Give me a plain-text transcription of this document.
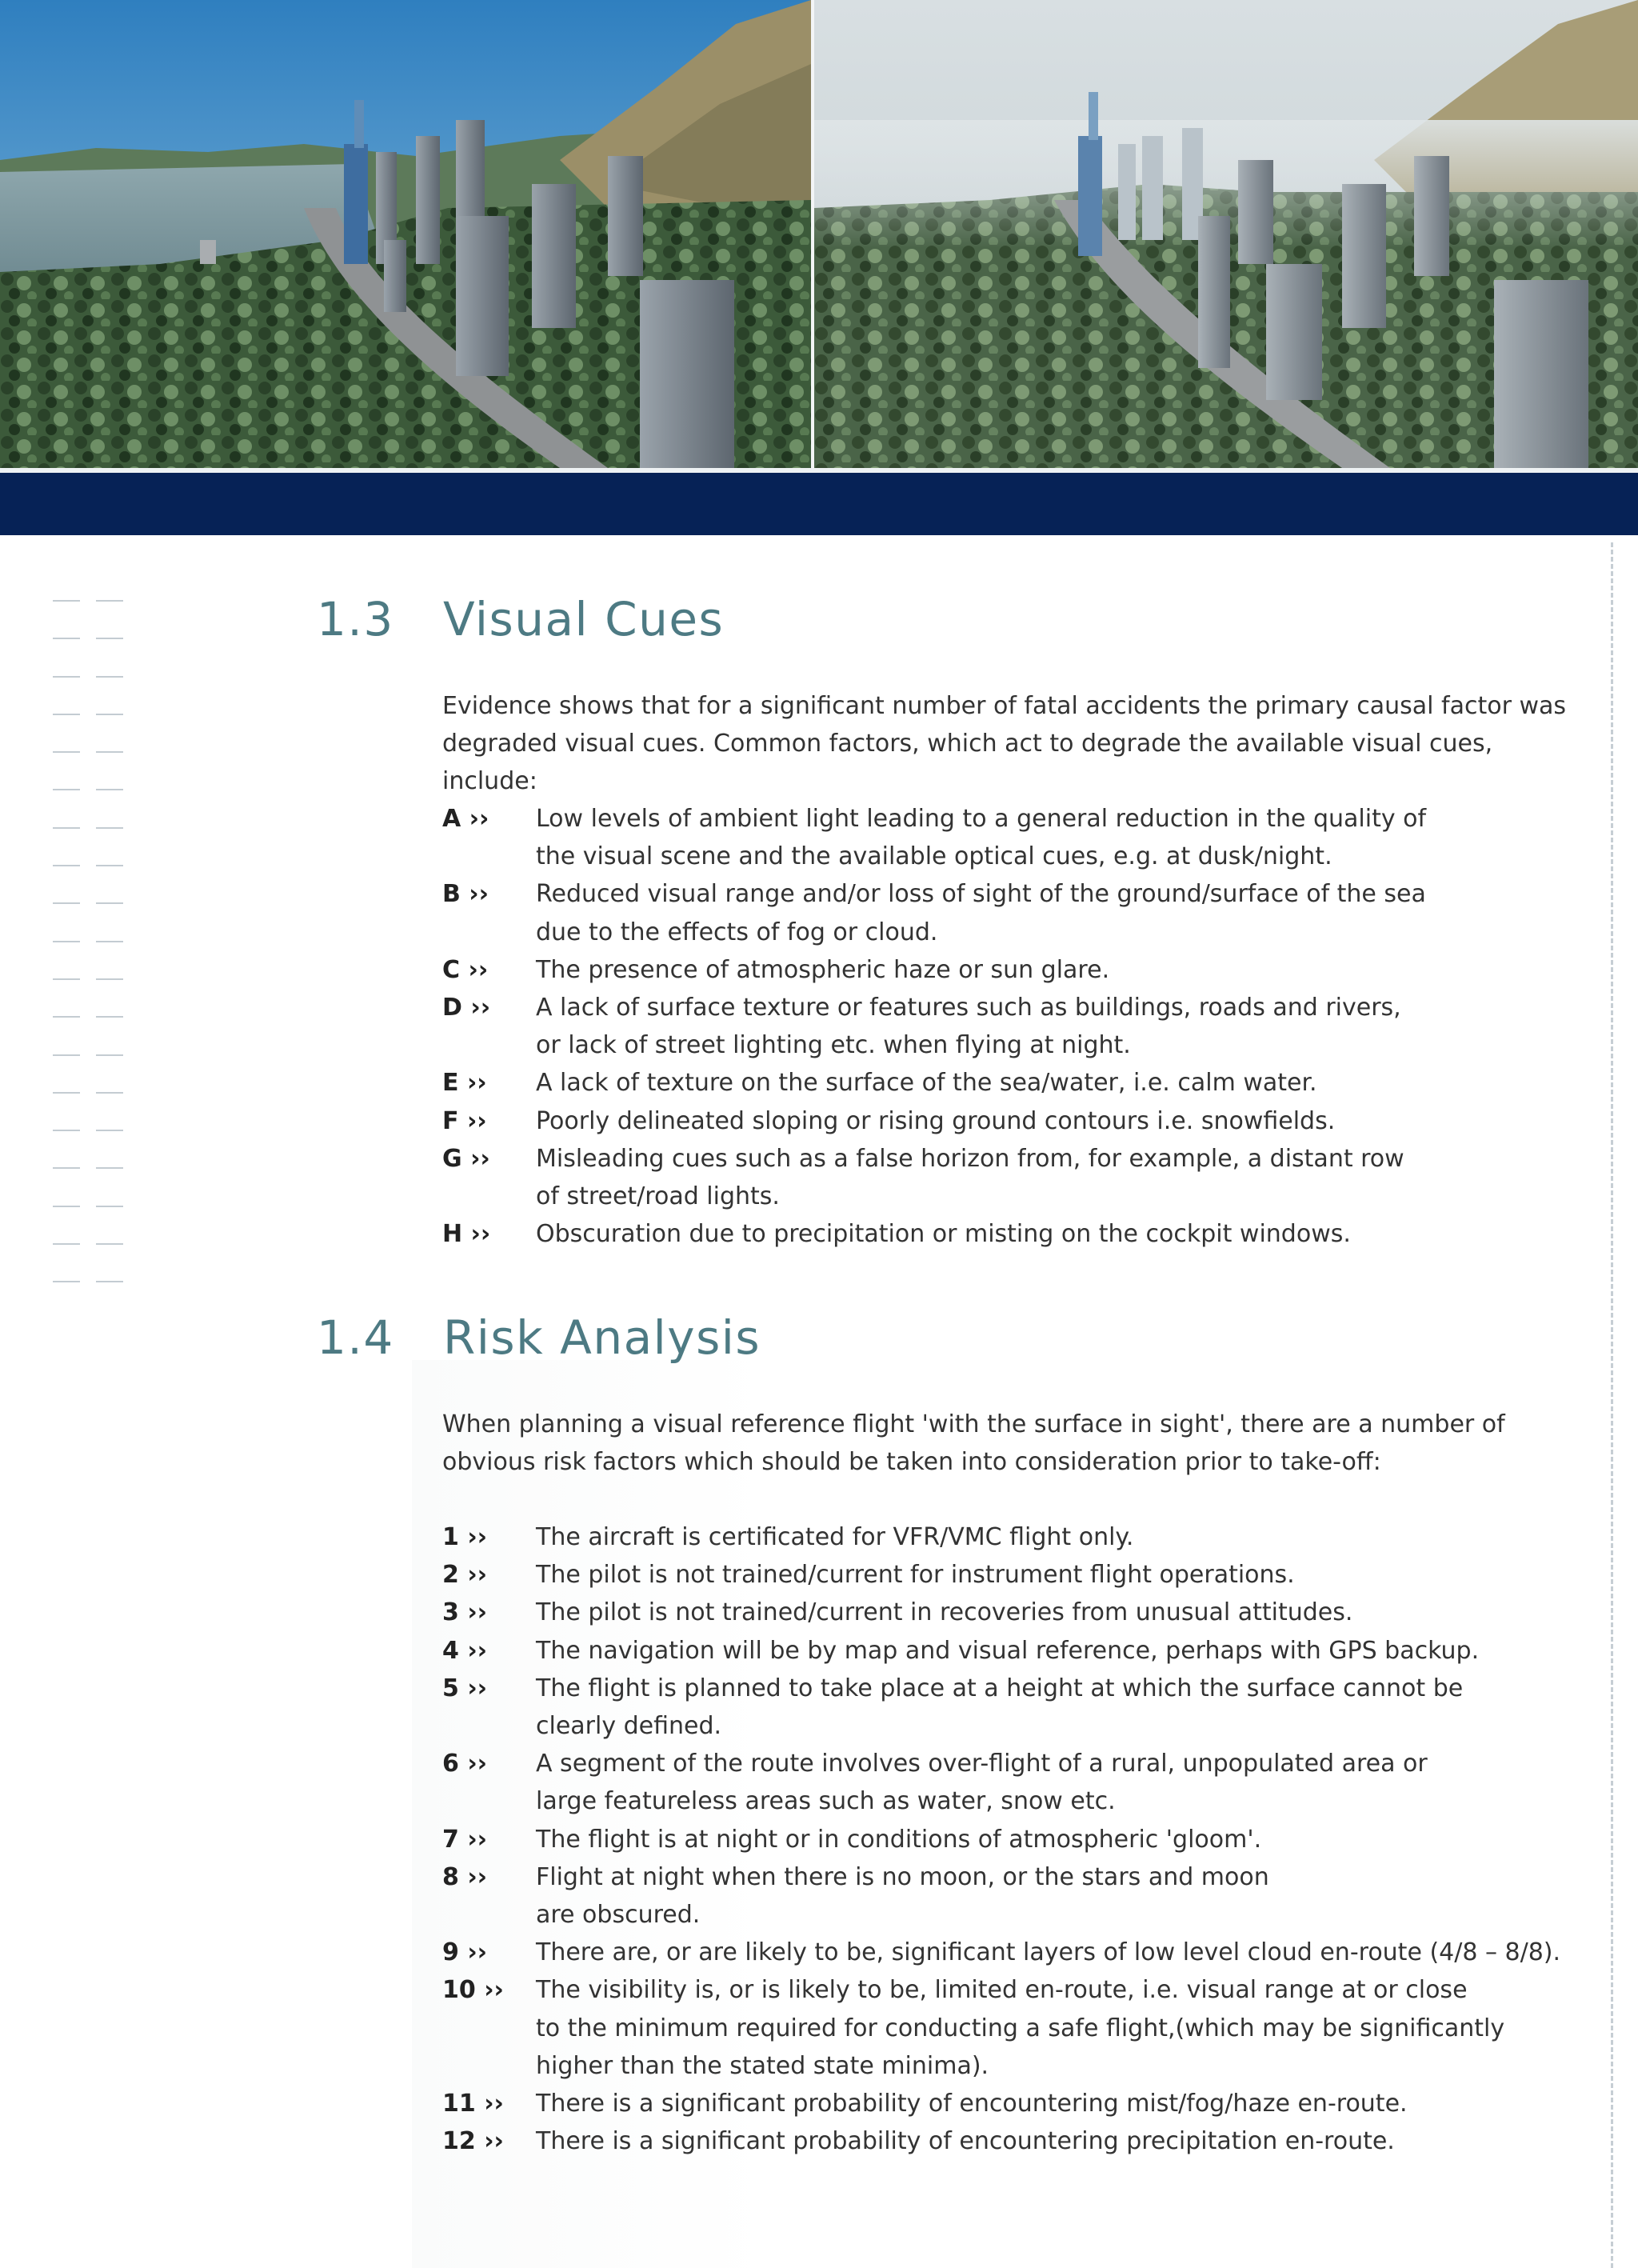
1.3 Visual Cues

Evidence shows that for a significant number of fatal accidents the primary causal factor was degraded visual cues. Common factors, which act to degrade the available visual cues, include:

A ›› Low levels of ambient light leading to a general reduction in the quality of
the visual scene and the available optical cues, e.g. at dusk/night.
B ›› Reduced visual range and/or loss of sight of the ground/surface of the sea
due to the effects of fog or cloud.
C ›› The presence of atmospheric haze or sun glare.
D ›› A lack of surface texture or features such as buildings, roads and rivers,
or lack of street lighting etc. when flying at night.
E ›› A lack of texture on the surface of the sea/water, i.e. calm water.
F ›› Poorly delineated sloping or rising ground contours i.e. snowfields.
G ›› Misleading cues such as a false horizon from, for example, a distant row
of street/road lights.
H ›› Obscuration due to precipitation or misting on the cockpit windows.
1.4 Risk Analysis

When planning a visual reference flight 'with the surface in sight', there are a number of obvious risk factors which should be taken into consideration prior to take-off:

1 ›› The aircraft is certificated for VFR/VMC flight only.
2 ›› The pilot is not trained/current for instrument flight operations.
3 ›› The pilot is not trained/current in recoveries from unusual attitudes.
4 ›› The navigation will be by map and visual reference, perhaps with GPS backup.
5 ›› The flight is planned to take place at a height at which the surface cannot be
clearly defined.
6 ›› A segment of the route involves over-flight of a rural, unpopulated area or
large featureless areas such as water, snow etc.
7 ›› The flight is at night or in conditions of atmospheric 'gloom'.
8 ›› Flight at night when there is no moon, or the stars and moon
are obscured.
9 ›› There are, or are likely to be, significant layers of low level cloud en-route (4/8 – 8/8).
10 ›› The visibility is, or is likely to be, limited en-route, i.e. visual range at or close
to the minimum required for conducting a safe flight,(which may be significantly
higher than the stated state minima).
11 ›› There is a significant probability of encountering mist/fog/haze en-route.
12 ›› There is a significant probability of encountering precipitation en-route.
